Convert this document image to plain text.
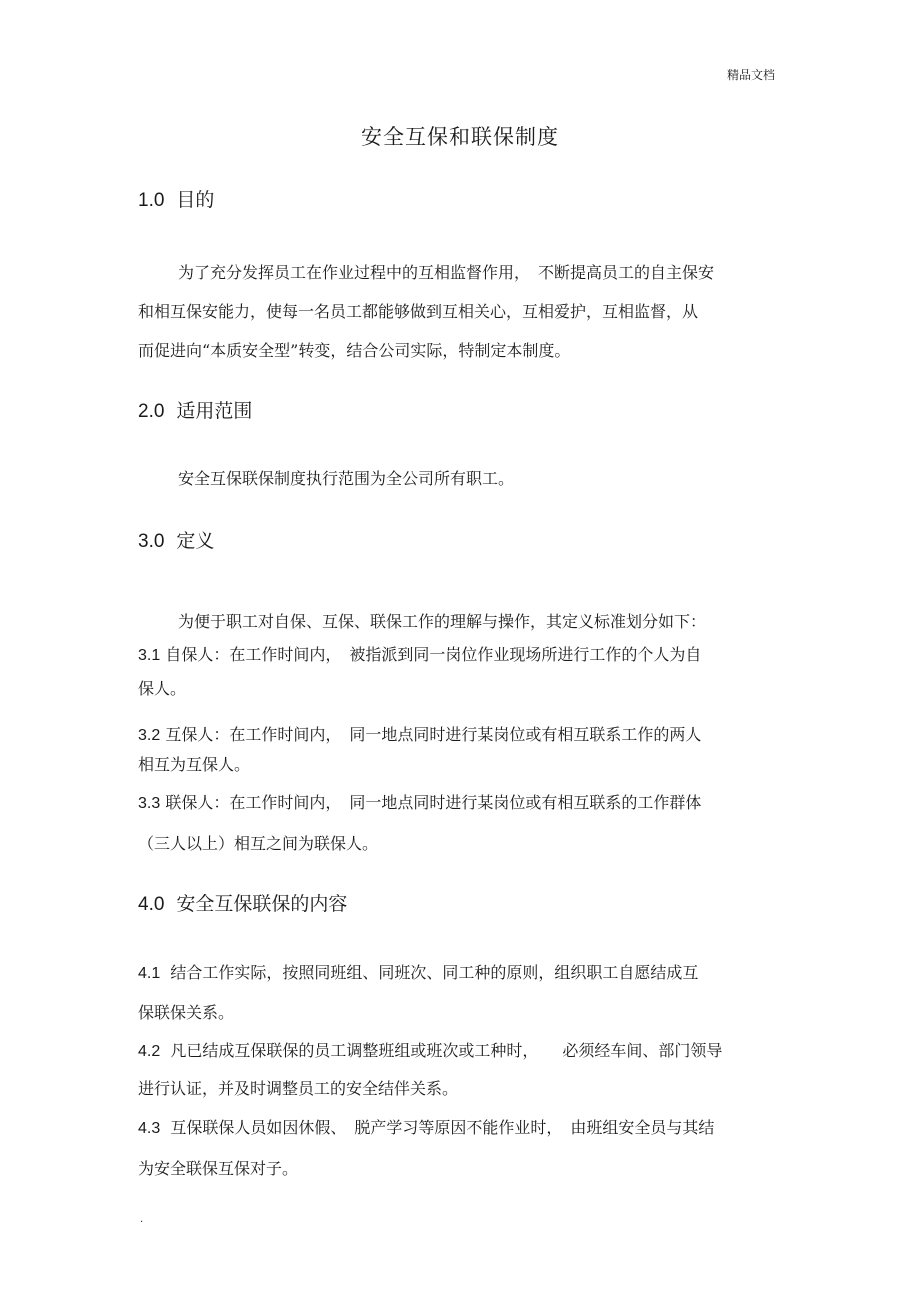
精品文档
安全互保和联保制度
1.0 目的
为了充分发挥员工在作业过程中的互相监督作用，　不断提高员工的自主保安
和相互保安能力，使每一名员工都能够做到互相关心，互相爱护，互相监督，从
而促进向“本质安全型”转变，结合公司实际，特制定本制度。
2.0 适用范围
安全互保联保制度执行范围为全公司所有职工。
3.0 定义
为便于职工对自保、互保、联保工作的理解与操作，其定义标准划分如下：
3.1 自保人：在工作时间内，　被指派到同一岗位作业现场所进行工作的个人为自
保人。
3.2 互保人：在工作时间内，　同一地点同时进行某岗位或有相互联系工作的两人
相互为互保人。
3.3 联保人：在工作时间内，　同一地点同时进行某岗位或有相互联系的工作群体
（三人以上）相互之间为联保人。
4.0 安全互保联保的内容
4.1 结合工作实际，按照同班组、同班次、同工种的原则，组织职工自愿结成互
保联保关系。
4.2 凡已结成互保联保的员工调整班组或班次或工种时，　　必须经车间、部门领导
进行认证，并及时调整员工的安全结伴关系。
4.3 互保联保人员如因休假、　脱产学习等原因不能作业时，　由班组安全员与其结
为安全联保互保对子。
.
